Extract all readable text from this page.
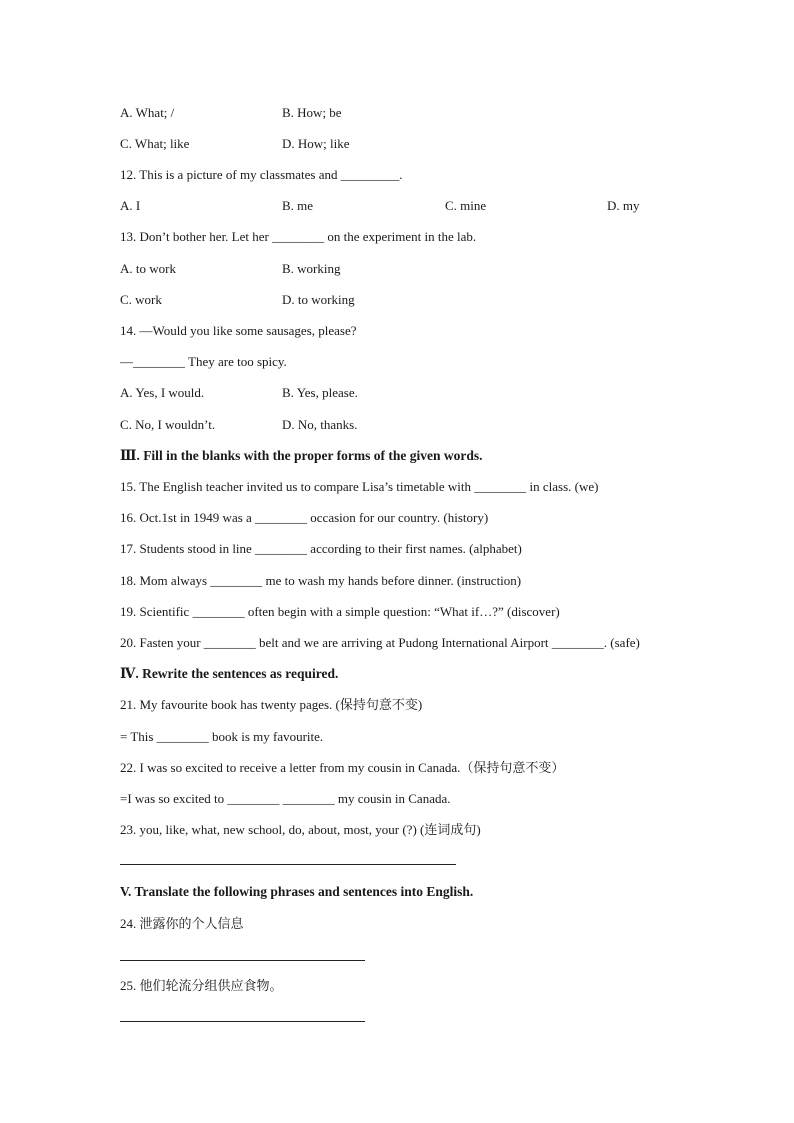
A. What; /	B. How; be
C. What; like	D. How; like
12. This is a picture of my classmates and _________.
A. I	B. me	C. mine	D. my
13. Don’t bother her. Let her ________ on the experiment in the lab.
A. to work	B. working
C. work	D. to working
14. —Would you like some sausages, please?
—________ They are too spicy.
A. Yes, I would.	B. Yes, please.
C. No, I wouldn’t.	D. No, thanks.
Ⅲ. Fill in the blanks with the proper forms of the given words.
15. The English teacher invited us to compare Lisa’s timetable with ________ in class. (we)
16. Oct.1st in 1949 was a ________ occasion for our country. (history)
17. Students stood in line ________ according to their first names. (alphabet)
18. Mom always ________ me to wash my hands before dinner. (instruction)
19. Scientific ________ often begin with a simple question: “What if…?” (discover)
20. Fasten your ________ belt and we are arriving at Pudong International Airport ________. (safe)
Ⅳ. Rewrite the sentences as required.
21. My favourite book has twenty pages. (保持句意不变)
= This ________ book is my favourite.
22. I was so excited to receive a letter from my cousin in Canada.（保持句意不变）
=I was so excited to ________ ________ my cousin in Canada.
23. you, like, what, new school, do, about, most, your (?) (连词成句)
V. Translate the following phrases and sentences into English.
24. 泄露你的个人信息
25. 他们轮流分组供应食物。
